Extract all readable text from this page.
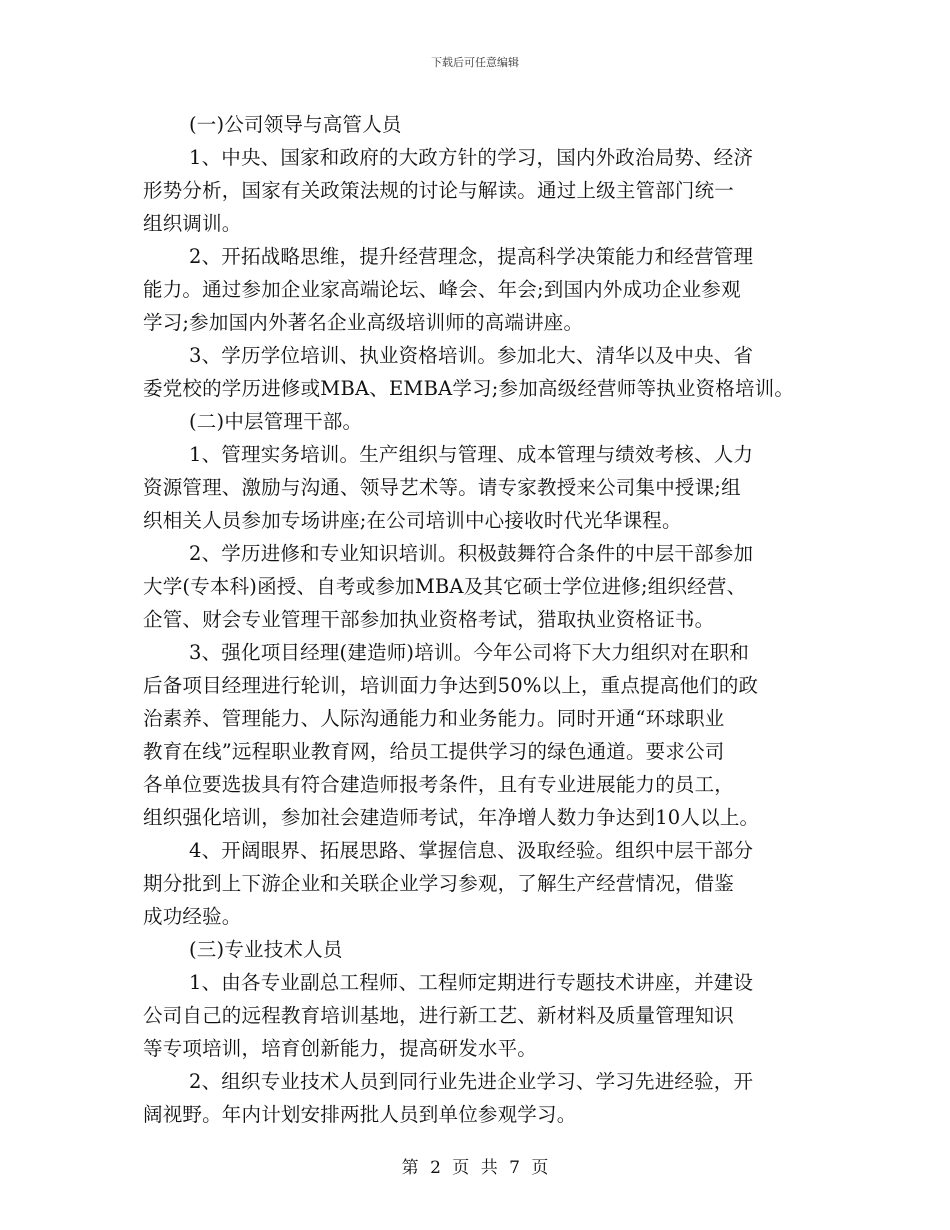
下载后可任意编辑
(一)公司领导与高管人员
1、中央、国家和政府的大政方针的学习，国内外政治局势、经济
形势分析，国家有关政策法规的讨论与解读。通过上级主管部门统一
组织调训。
2、开拓战略思维，提升经营理念，提高科学决策能力和经营管理
能力。通过参加企业家高端论坛、峰会、年会;到国内外成功企业参观
学习;参加国内外著名企业高级培训师的高端讲座。
3、学历学位培训、执业资格培训。参加北大、清华以及中央、省
委党校的学历进修或MBA、EMBA学习;参加高级经营师等执业资格培训。
(二)中层管理干部。
1、管理实务培训。生产组织与管理、成本管理与绩效考核、人力
资源管理、激励与沟通、领导艺术等。请专家教授来公司集中授课;组
织相关人员参加专场讲座;在公司培训中心接收时代光华课程。
2、学历进修和专业知识培训。积极鼓舞符合条件的中层干部参加
大学(专本科)函授、自考或参加MBA及其它硕士学位进修;组织经营、
企管、财会专业管理干部参加执业资格考试，猎取执业资格证书。
3、强化项目经理(建造师)培训。今年公司将下大力组织对在职和
后备项目经理进行轮训，培训面力争达到50%以上，重点提高他们的政
治素养、管理能力、人际沟通能力和业务能力。同时开通“环球职业
教育在线”远程职业教育网，给员工提供学习的绿色通道。要求公司
各单位要选拔具有符合建造师报考条件，且有专业进展能力的员工，
组织强化培训，参加社会建造师考试，年净增人数力争达到10人以上。
4、开阔眼界、拓展思路、掌握信息、汲取经验。组织中层干部分
期分批到上下游企业和关联企业学习参观，了解生产经营情况，借鉴
成功经验。
(三)专业技术人员
1、由各专业副总工程师、工程师定期进行专题技术讲座，并建设
公司自己的远程教育培训基地，进行新工艺、新材料及质量管理知识
等专项培训，培育创新能力，提高研发水平。
2、组织专业技术人员到同行业先进企业学习、学习先进经验，开
阔视野。年内计划安排两批人员到单位参观学习。
第 2 页 共 7 页
